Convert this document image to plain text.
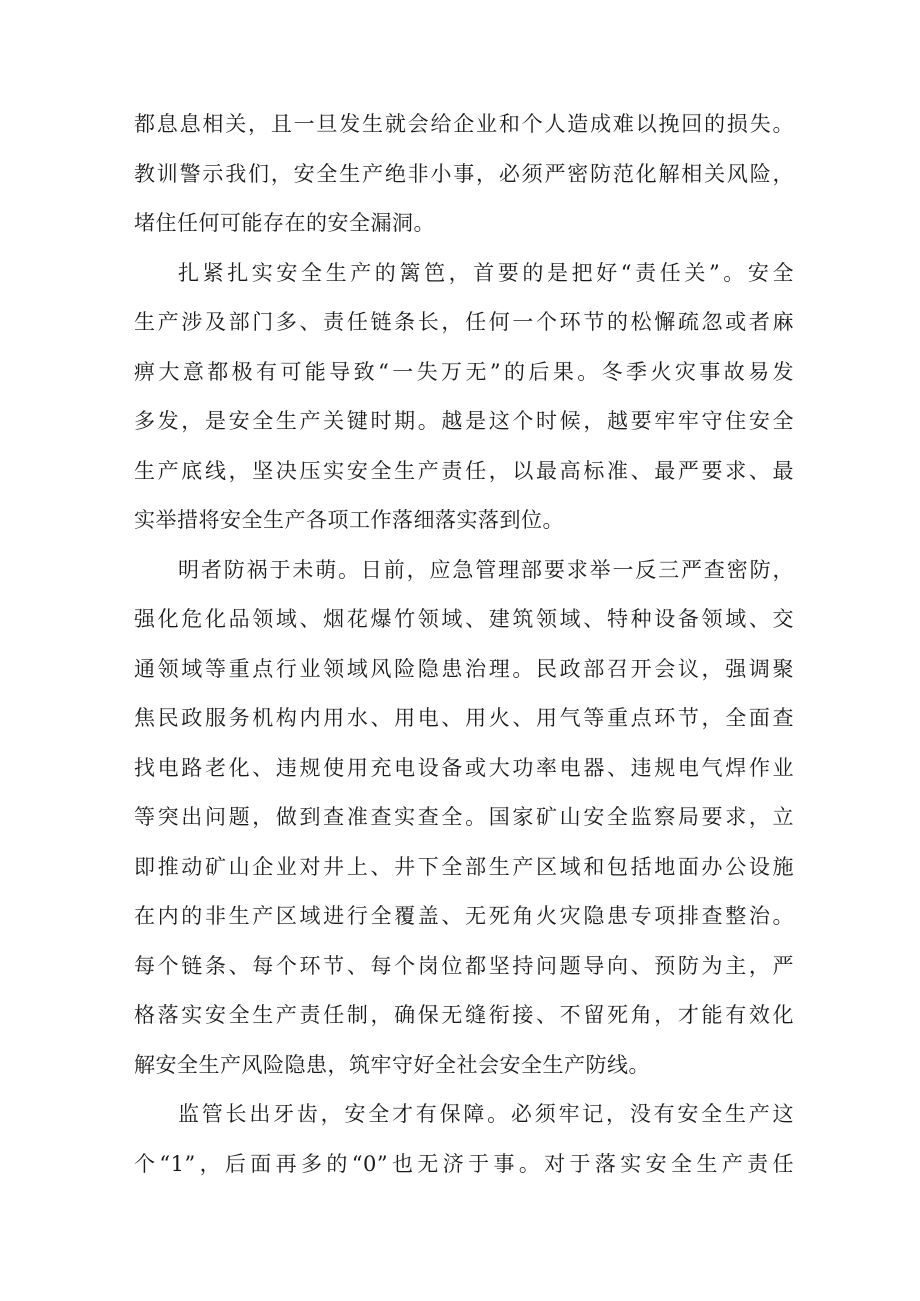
都息息相关，且一旦发生就会给企业和个人造成难以挽回的损失。
教训警示我们，安全生产绝非小事，必须严密防范化解相关风险，
堵住任何可能存在的安全漏洞。
扎紧扎实安全生产的篱笆，首要的是把好“责任关”。安全
生产涉及部门多、责任链条长，任何一个环节的松懈疏忽或者麻
痹大意都极有可能导致“一失万无”的后果。冬季火灾事故易发
多发，是安全生产关键时期。越是这个时候，越要牢牢守住安全
生产底线，坚决压实安全生产责任，以最高标准、最严要求、最
实举措将安全生产各项工作落细落实落到位。
明者防祸于未萌。日前，应急管理部要求举一反三严查密防，
强化危化品领域、烟花爆竹领域、建筑领域、特种设备领域、交
通领域等重点行业领域风险隐患治理。民政部召开会议，强调聚
焦民政服务机构内用水、用电、用火、用气等重点环节，全面查
找电路老化、违规使用充电设备或大功率电器、违规电气焊作业
等突出问题，做到查准查实查全。国家矿山安全监察局要求，立
即推动矿山企业对井上、井下全部生产区域和包括地面办公设施
在内的非生产区域进行全覆盖、无死角火灾隐患专项排查整治。
每个链条、每个环节、每个岗位都坚持问题导向、预防为主，严
格落实安全生产责任制，确保无缝衔接、不留死角，才能有效化
解安全生产风险隐患，筑牢守好全社会安全生产防线。
监管长出牙齿，安全才有保障。必须牢记，没有安全生产这
个“1”，后面再多的“0”也无济于事。对于落实安全生产责任
